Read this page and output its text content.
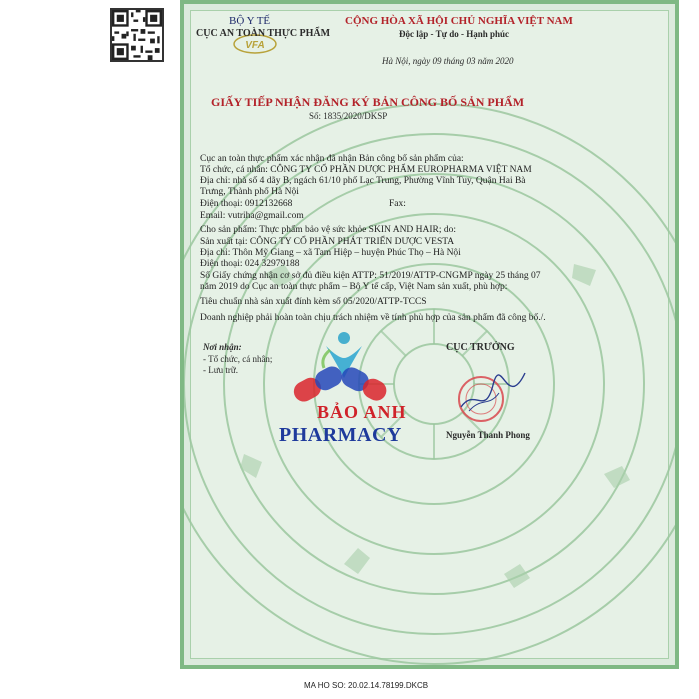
VFA
BỘ Y TẾ
CỤC AN TOÀN THỰC PHẨM
CỘNG HÒA XÃ HỘI CHỦ NGHĨA VIỆT NAM
Độc lập - Tự do - Hạnh phúc
Hà Nội, ngày 09 tháng 03 năm 2020
GIẤY TIẾP NHẬN ĐĂNG KÝ BẢN CÔNG BỐ SẢN PHẨM
Số: 1835/2020/DKSP
Cục an toàn thực phẩm xác nhận đã nhận Bản công bố sản phẩm của:
Tổ chức, cá nhân: CÔNG TY CỔ PHẦN DƯỢC PHẨM EUROPHARMA VIỆT NAM
Địa chỉ: nhà số 4 dãy B, ngách 61/10 phố Lạc Trung, Phường Vĩnh Tuy, Quận Hai Bà
Trưng, Thành phố Hà Nội
Điện thoại: 0912132668	Fax:
Email: vutriha@gmail.com
Cho sản phẩm: Thực phẩm bảo vệ sức khỏe SKIN AND HAIR; do:
Sản xuất tại: CÔNG TY CỔ PHẦN PHÁT TRIỂN DƯỢC VESTA
Địa chỉ: Thôn Mỹ Giang – xã Tam Hiệp – huyện Phúc Thọ – Hà Nội
Điện thoại: 024 32979188
Số Giấy chứng nhận cơ sở đủ điều kiện ATTP: 51/2019/ATTP-CNGMP ngày 25 tháng 07
năm 2019 do Cục an toàn thực phẩm – Bộ Y tế cấp, Việt Nam sản xuất, phù hợp:
Tiêu chuẩn nhà sản xuất đính kèm số 05/2020/ATTP-TCCS
Doanh nghiệp phải hoàn toàn chịu trách nhiệm về tính phù hợp của sản phẩm đã công bố./.
Nơi nhận:
- Tổ chức, cá nhân;
- Lưu trữ.
CỤC TRƯỞNG
Nguyễn Thanh Phong
BẢO ANH
PHARMACY
MA HO SO: 20.02.14.78199.DKCB
